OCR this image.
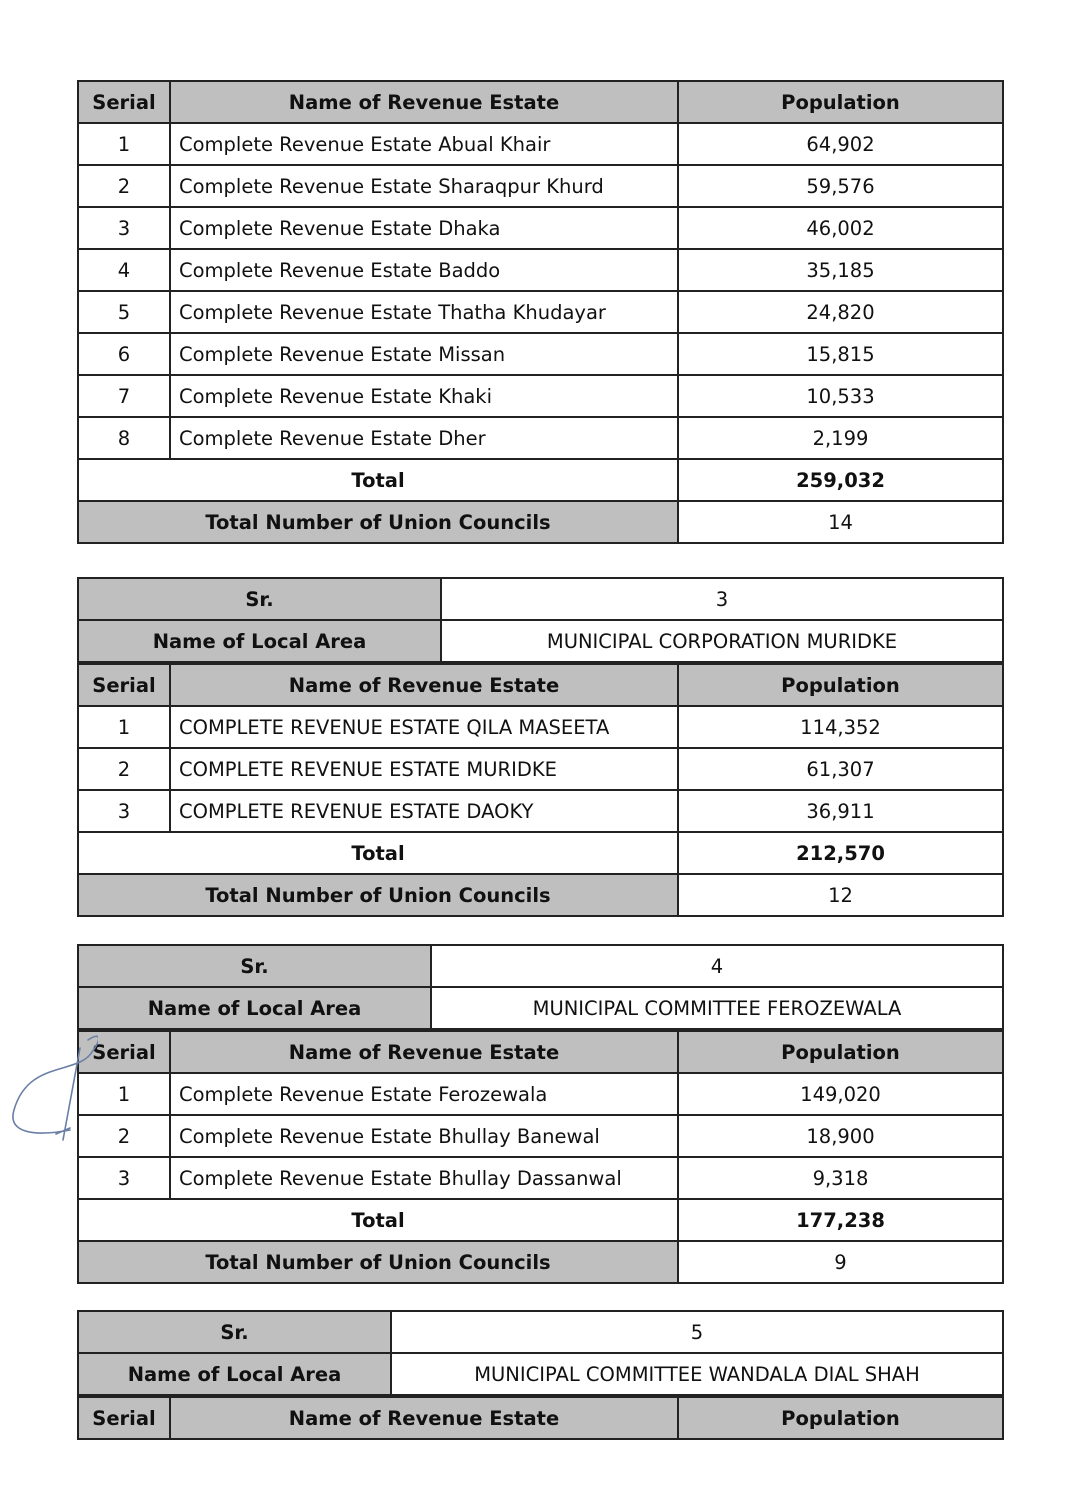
Serial	Name of Revenue Estate	Population
1	Complete Revenue Estate Abual Khair	64,902
2	Complete Revenue Estate Sharaqpur Khurd	59,576
3	Complete Revenue Estate Dhaka	46,002
4	Complete Revenue Estate Baddo	35,185
5	Complete Revenue Estate Thatha Khudayar	24,820
6	Complete Revenue Estate Missan	15,815
7	Complete Revenue Estate Khaki	10,533
8	Complete Revenue Estate Dher	2,199
Total		259,032
Total Number of Union Councils		14
Sr.	3
Name of Local Area	MUNICIPAL CORPORATION MURIDKE
Serial	Name of Revenue Estate	Population
1	COMPLETE REVENUE ESTATE QILA MASEETA	114,352
2	COMPLETE REVENUE ESTATE MURIDKE	61,307
3	COMPLETE REVENUE ESTATE DAOKY	36,911
Total		212,570
Total Number of Union Councils		12
Sr.	4
Name of Local Area	MUNICIPAL COMMITTEE FEROZEWALA
Serial	Name of Revenue Estate	Population
1	Complete Revenue Estate Ferozewala	149,020
2	Complete Revenue Estate Bhullay Banewal	18,900
3	Complete Revenue Estate Bhullay Dassanwal	9,318
Total		177,238
Total Number of Union Councils		9
Sr.	5
Name of Local Area	MUNICIPAL COMMITTEE WANDALA DIAL SHAH
Serial	Name of Revenue Estate	Population
